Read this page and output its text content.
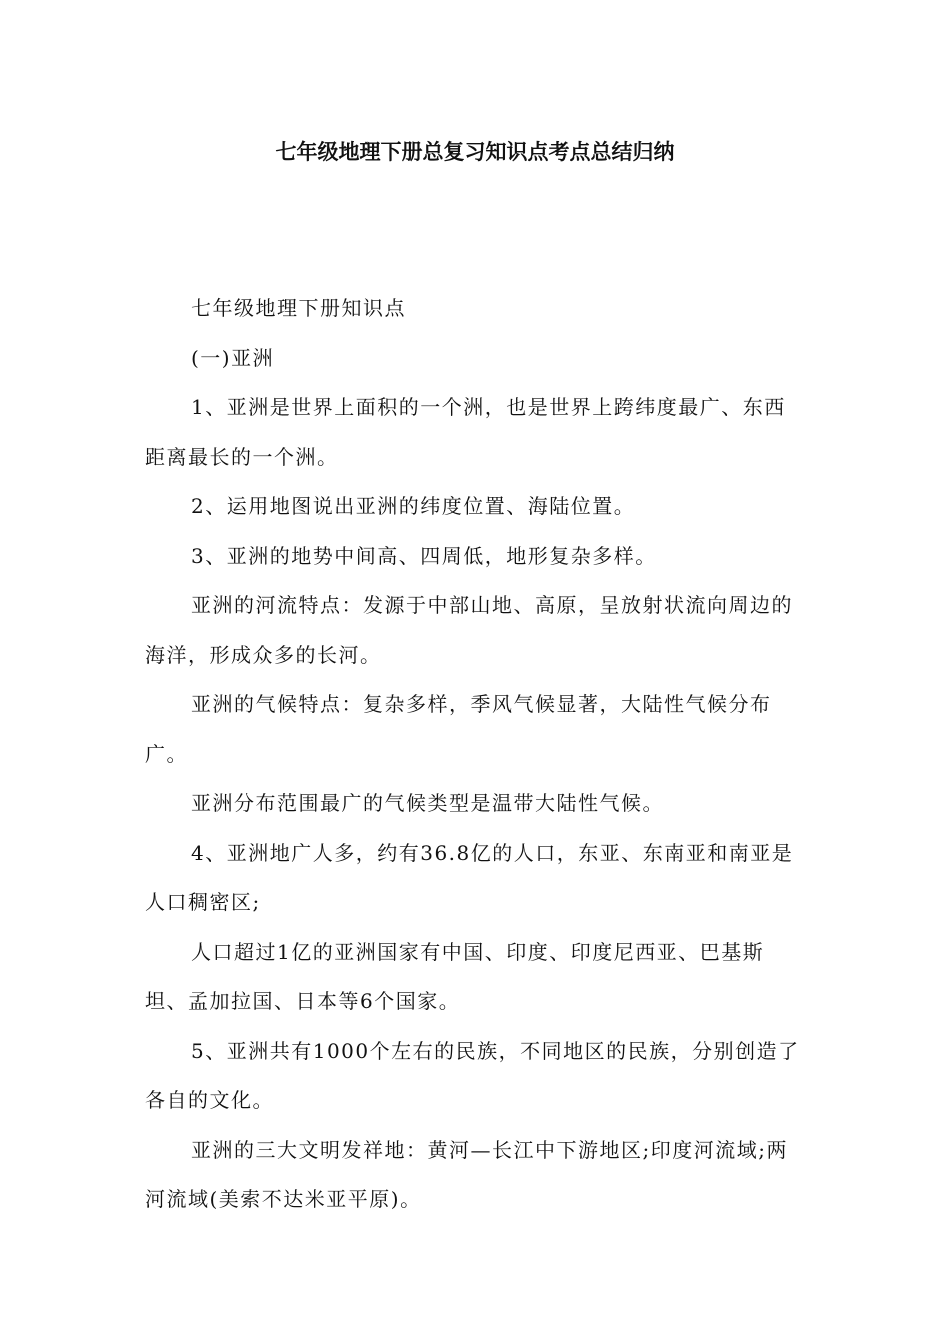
七年级地理下册总复习知识点考点总结归纳

七年级地理下册知识点

(一)亚洲

1、亚洲是世界上面积的一个洲，也是世界上跨纬度最广、东西距离最长的一个洲。

2、运用地图说出亚洲的纬度位置、海陆位置。

3、亚洲的地势中间高、四周低，地形复杂多样。

亚洲的河流特点：发源于中部山地、高原，呈放射状流向周边的海洋，形成众多的长河。

亚洲的气候特点：复杂多样，季风气候显著，大陆性气候分布广。

亚洲分布范围最广的气候类型是温带大陆性气候。

4、亚洲地广人多，约有36.8亿的人口，东亚、东南亚和南亚是人口稠密区;

人口超过1亿的亚洲国家有中国、印度、印度尼西亚、巴基斯坦、孟加拉国、日本等6个国家。

5、亚洲共有1000个左右的民族，不同地区的民族，分别创造了各自的文化。

亚洲的三大文明发祥地：黄河—长江中下游地区;印度河流域;两河流域(美索不达米亚平原)。
